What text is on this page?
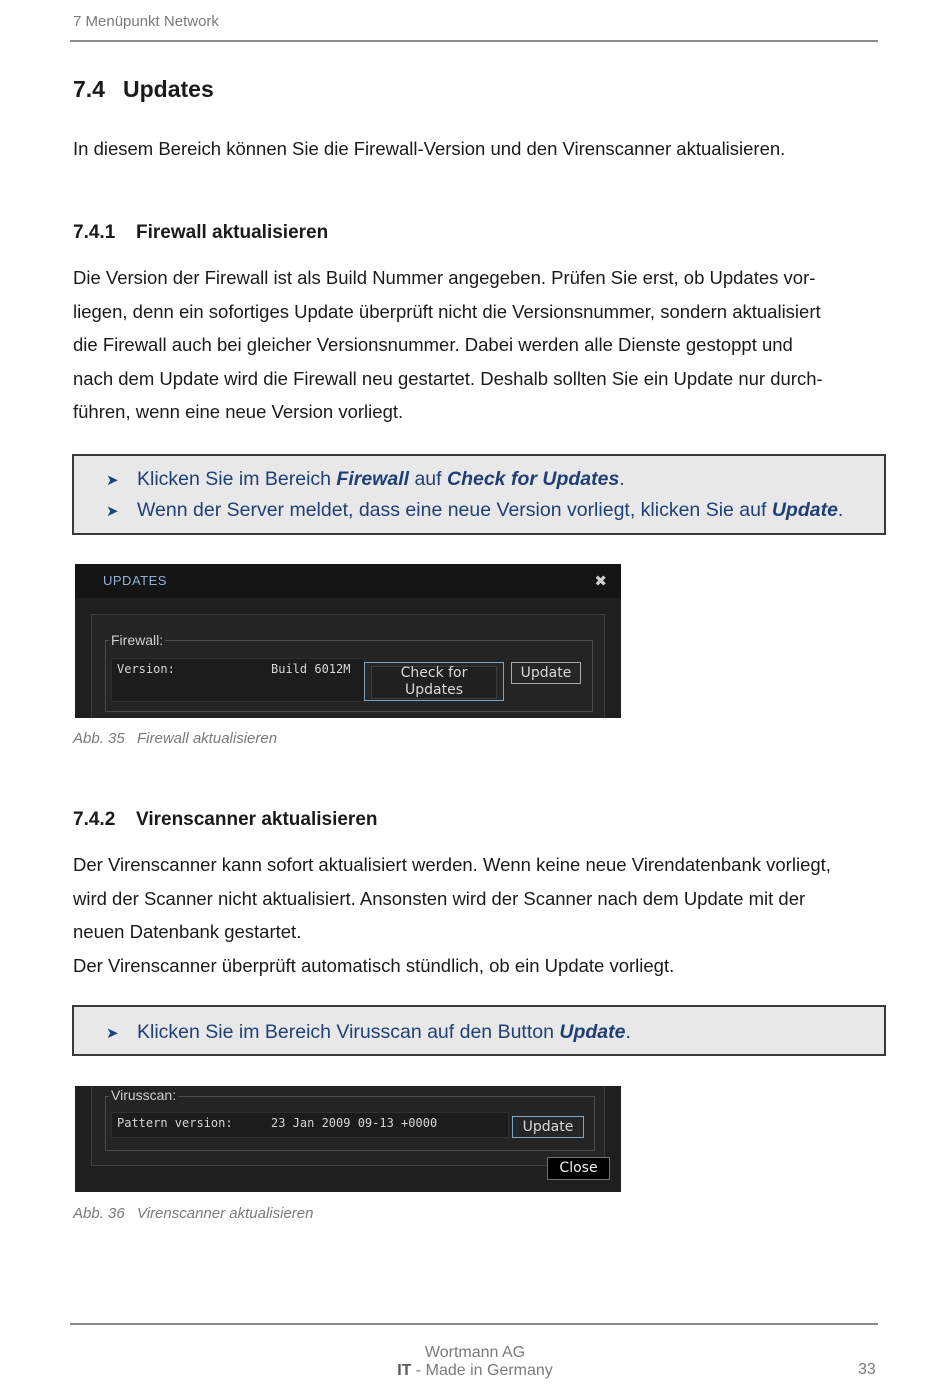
7 Menüpunkt Network
7.4 Updates

In diesem Bereich können Sie die Firewall-Version und den Virenscanner aktualisieren.

7.4.1 Firewall aktualisieren

Die Version der Firewall ist als Build Nummer angegeben. Prüfen Sie erst, ob Updates vor-
liegen, denn ein sofortiges Update überprüft nicht die Versionsnummer, sondern aktualisiert
die Firewall auch bei gleicher Versionsnummer. Dabei werden alle Dienste gestoppt und
nach dem Update wird die Firewall neu gestartet. Deshalb sollten Sie ein Update nur durch-
führen, wenn eine neue Version vorliegt.

➤ Klicken Sie im Bereich Firewall auf Check for Updates.
➤ Wenn der Server meldet, dass eine neue Version vorliegt, klicken Sie auf Update.
UPDATES	✖
Firewall:
Version:	Build 6012M	Check for
Updates
Update
Abb. 35 Firewall aktualisieren
7.4.2 Virenscanner aktualisieren

Der Virenscanner kann sofort aktualisiert werden. Wenn keine neue Virendatenbank vorliegt,
wird der Scanner nicht aktualisiert. Ansonsten wird der Scanner nach dem Update mit der
neuen Datenbank gestartet.
Der Virenscanner überprüft automatisch stündlich, ob ein Update vorliegt.

➤ Klicken Sie im Bereich Virusscan auf den Button Update.
Virusscan:
Pattern version:	23 Jan 2009 09-13 +0000	Update
Close
Abb. 36 Virenscanner aktualisieren
Wortmann AG
IT - Made in Germany	33
